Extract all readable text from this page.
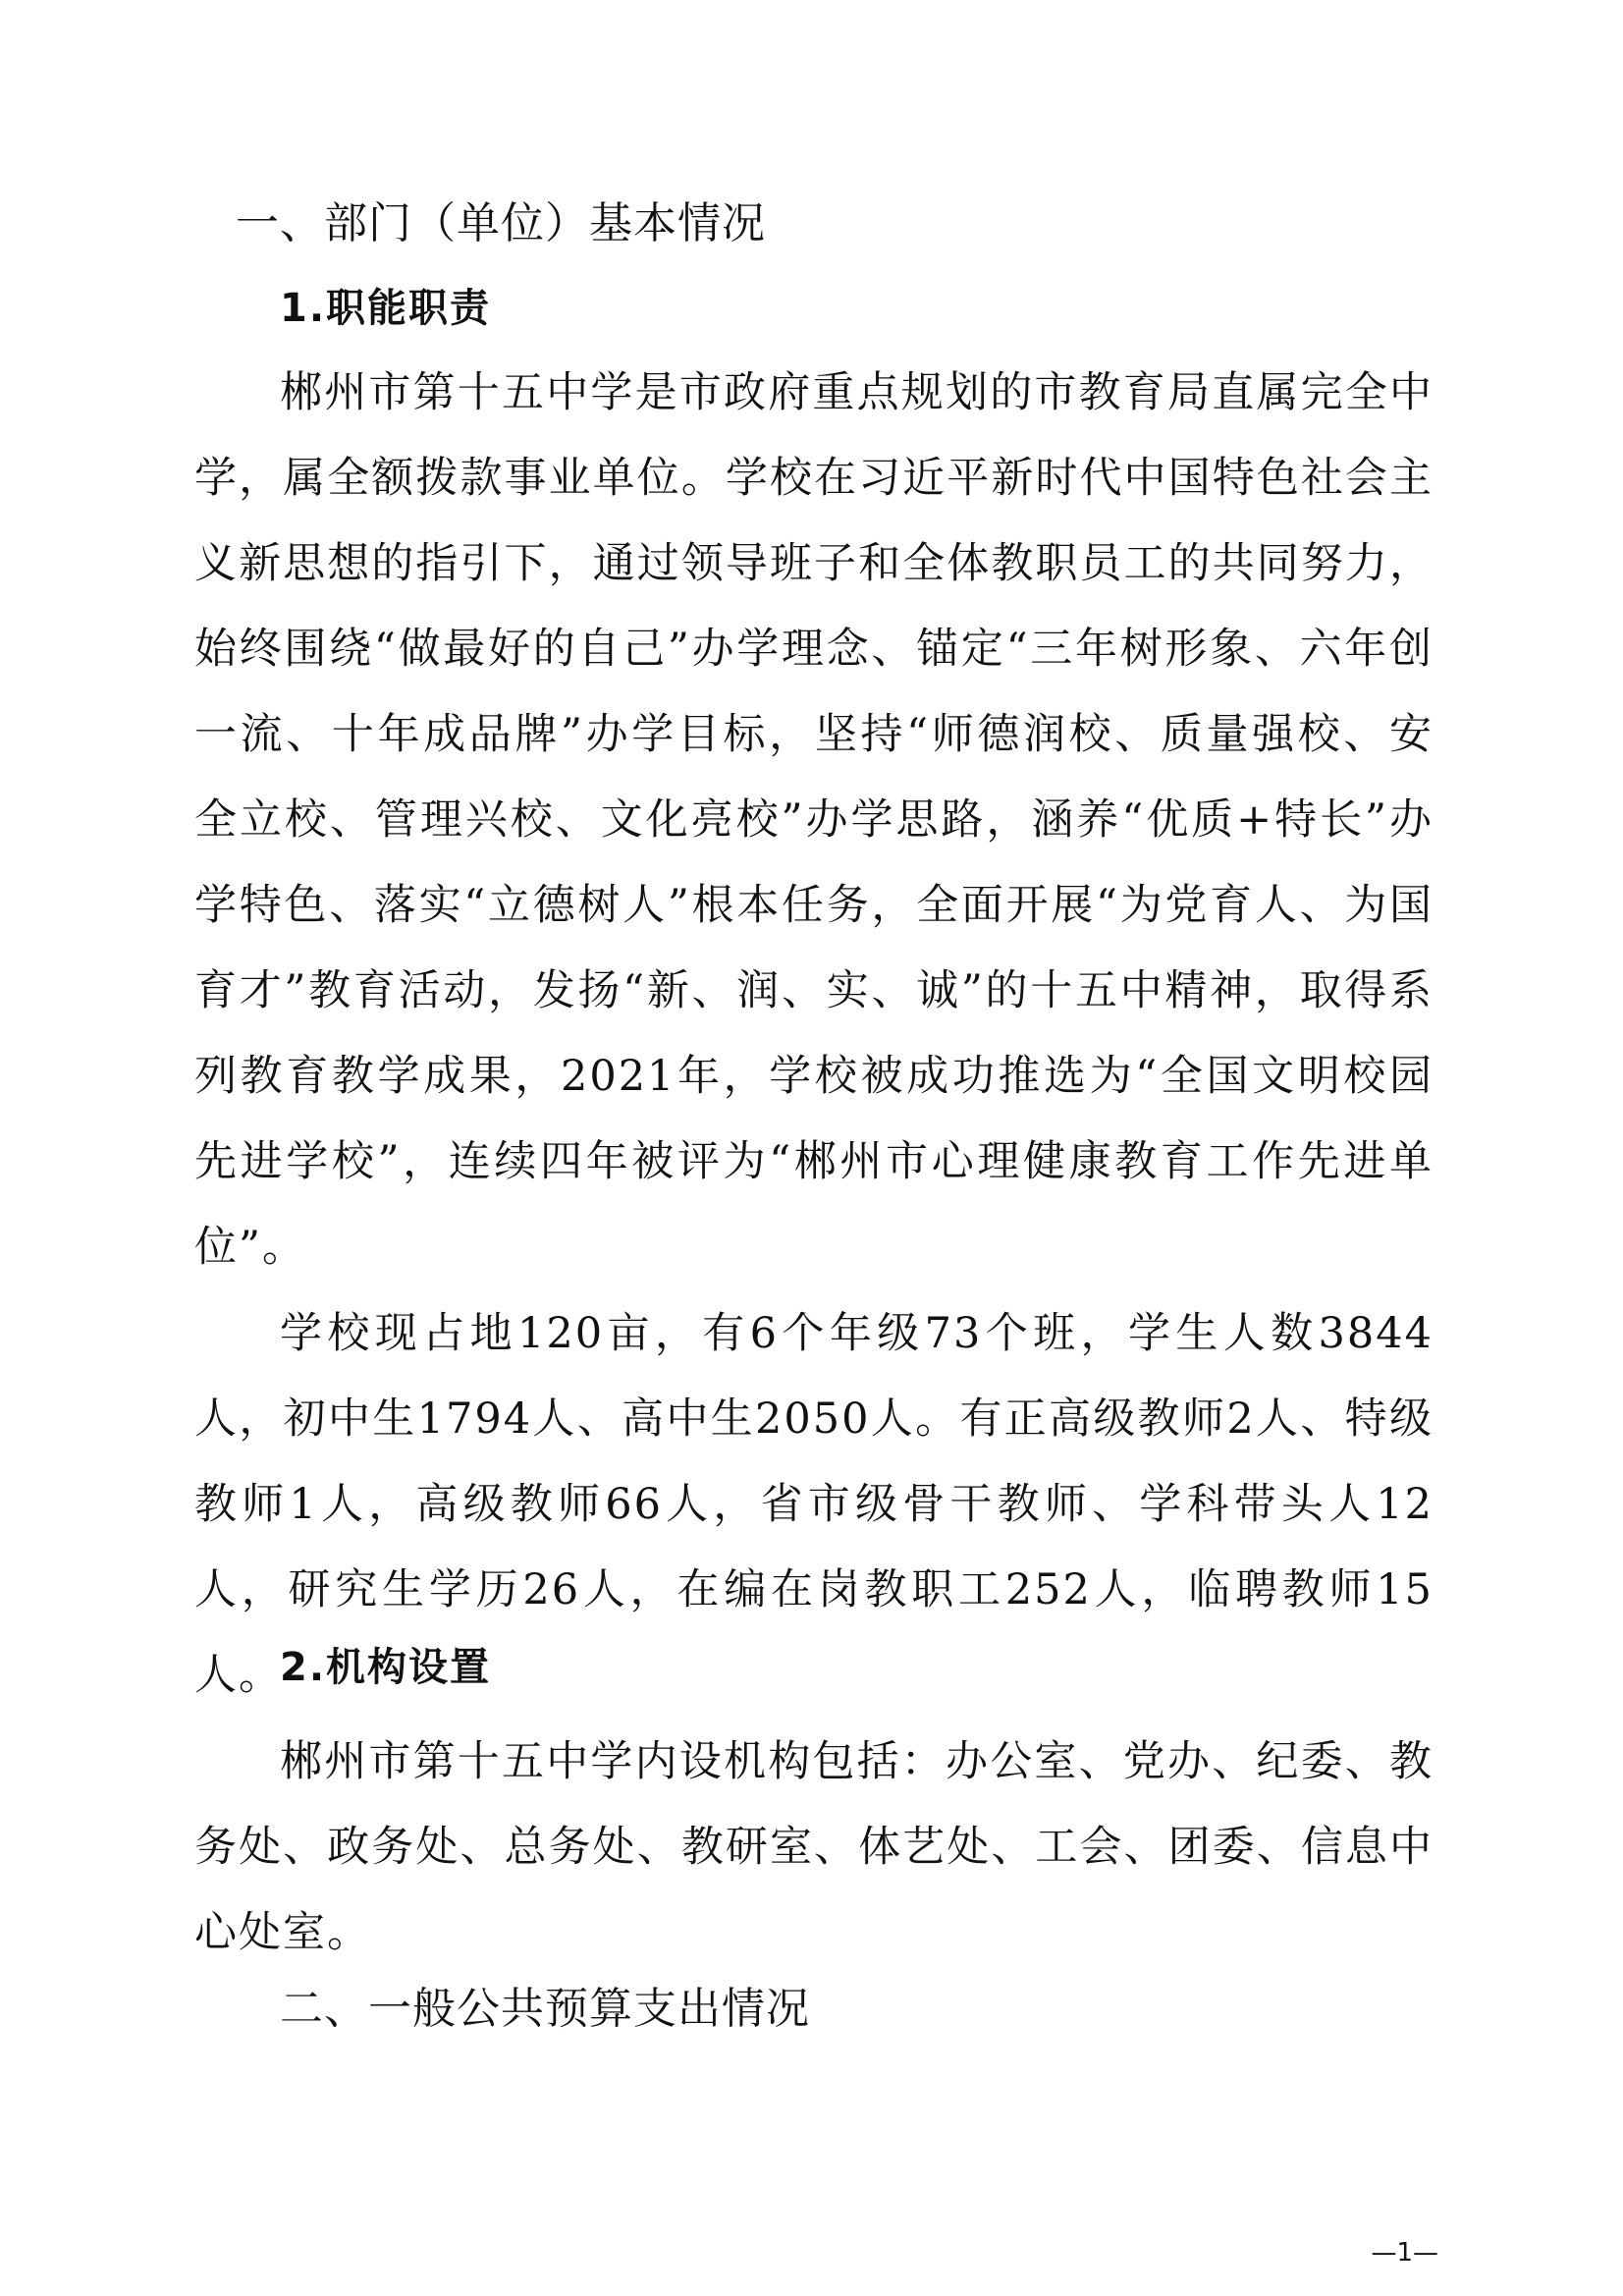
一、部门（单位）基本情况
1.职能职责

郴州市第十五中学是市政府重点规划的市教育局直属完全中学，属全额拨款事业单位。学校在习近平新时代中国特色社会主义新思想的指引下，通过领导班子和全体教职员工的共同努力，始终围绕“做最好的自己”办学理念、锚定“三年树形象、六年创一流、十年成品牌”办学目标，坚持“师德润校、质量强校、安全立校、管理兴校、文化亮校”办学思路，涵养“优质+特长”办学特色、落实“立德树人”根本任务，全面开展“为党育人、为国育才”教育活动，发扬“新、润、实、诚”的十五中精神，取得系列教育教学成果，2021年，学校被成功推选为“全国文明校园先进学校”，连续四年被评为“郴州市心理健康教育工作先进单位”。

学校现占地120亩，有6个年级73个班，学生人数3844人，初中生1794人、高中生2050人。有正高级教师2人、特级教师1人，高级教师66人，省市级骨干教师、学科带头人12人，研究生学历26人，在编在岗教职工252人，临聘教师15人。

2.机构设置

郴州市第十五中学内设机构包括：办公室、党办、纪委、教务处、政务处、总务处、教研室、体艺处、工会、团委、信息中心处室。

二、一般公共预算支出情况
—1—
